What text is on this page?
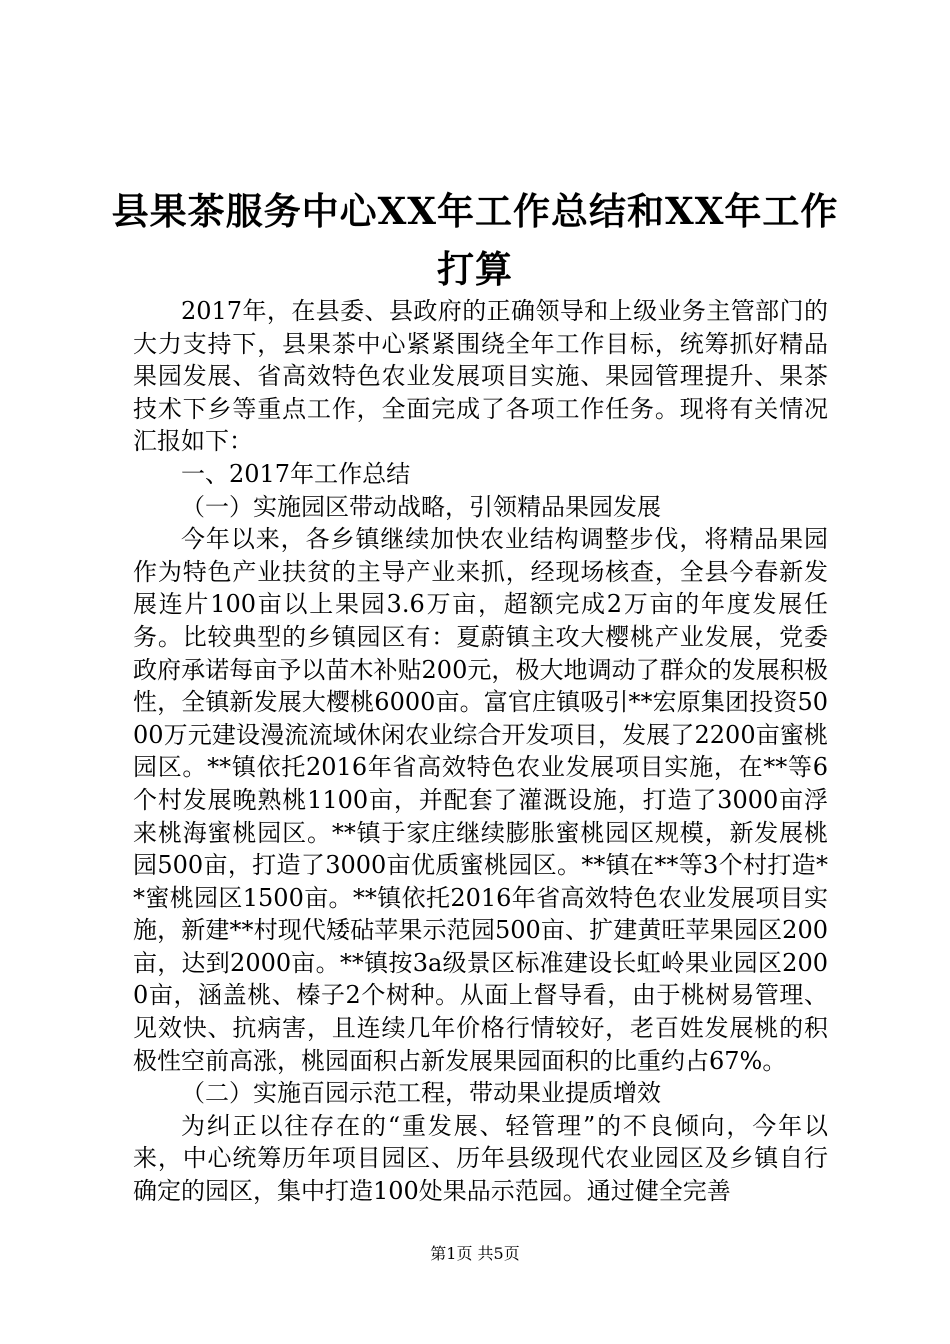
县果茶服务中心XX年工作总结和XX年工作打算

2017年，在县委、县政府的正确领导和上级业务主管部门的大力支持下，县果茶中心紧紧围绕全年工作目标，统筹抓好精品果园发展、省高效特色农业发展项目实施、果园管理提升、果茶技术下乡等重点工作，全面完成了各项工作任务。现将有关情况汇报如下：

一、2017年工作总结

（一）实施园区带动战略，引领精品果园发展

今年以来，各乡镇继续加快农业结构调整步伐，将精品果园作为特色产业扶贫的主导产业来抓，经现场核查，全县今春新发展连片100亩以上果园3.6万亩，超额完成2万亩的年度发展任务。比较典型的乡镇园区有：夏蔚镇主攻大樱桃产业发展，党委政府承诺每亩予以苗木补贴200元，极大地调动了群众的发展积极性，全镇新发展大樱桃6000亩。富官庄镇吸引**宏原集团投资5000万元建设漫流流域休闲农业综合开发项目，发展了2200亩蜜桃园区。**镇依托2016年省高效特色农业发展项目实施，在**等6个村发展晚熟桃1100亩，并配套了灌溉设施，打造了3000亩浮来桃海蜜桃园区。**镇于家庄继续膨胀蜜桃园区规模，新发展桃园500亩，打造了3000亩优质蜜桃园区。**镇在**等3个村打造**蜜桃园区1500亩。**镇依托2016年省高效特色农业发展项目实施，新建**村现代矮砧苹果示范园500亩、扩建黄旺苹果园区200亩，达到2000亩。**镇按3a级景区标准建设长虹岭果业园区2000亩，涵盖桃、榛子2个树种。从面上督导看，由于桃树易管理、见效快、抗病害，且连续几年价格行情较好，老百姓发展桃的积极性空前高涨，桃园面积占新发展果园面积的比重约占67%。

（二）实施百园示范工程，带动果业提质增效

为纠正以往存在的“重发展、轻管理”的不良倾向，今年以来，中心统筹历年项目园区、历年县级现代农业园区及乡镇自行确定的园区，集中打造100处果品示范园。通过健全完善

第1页 共5页
